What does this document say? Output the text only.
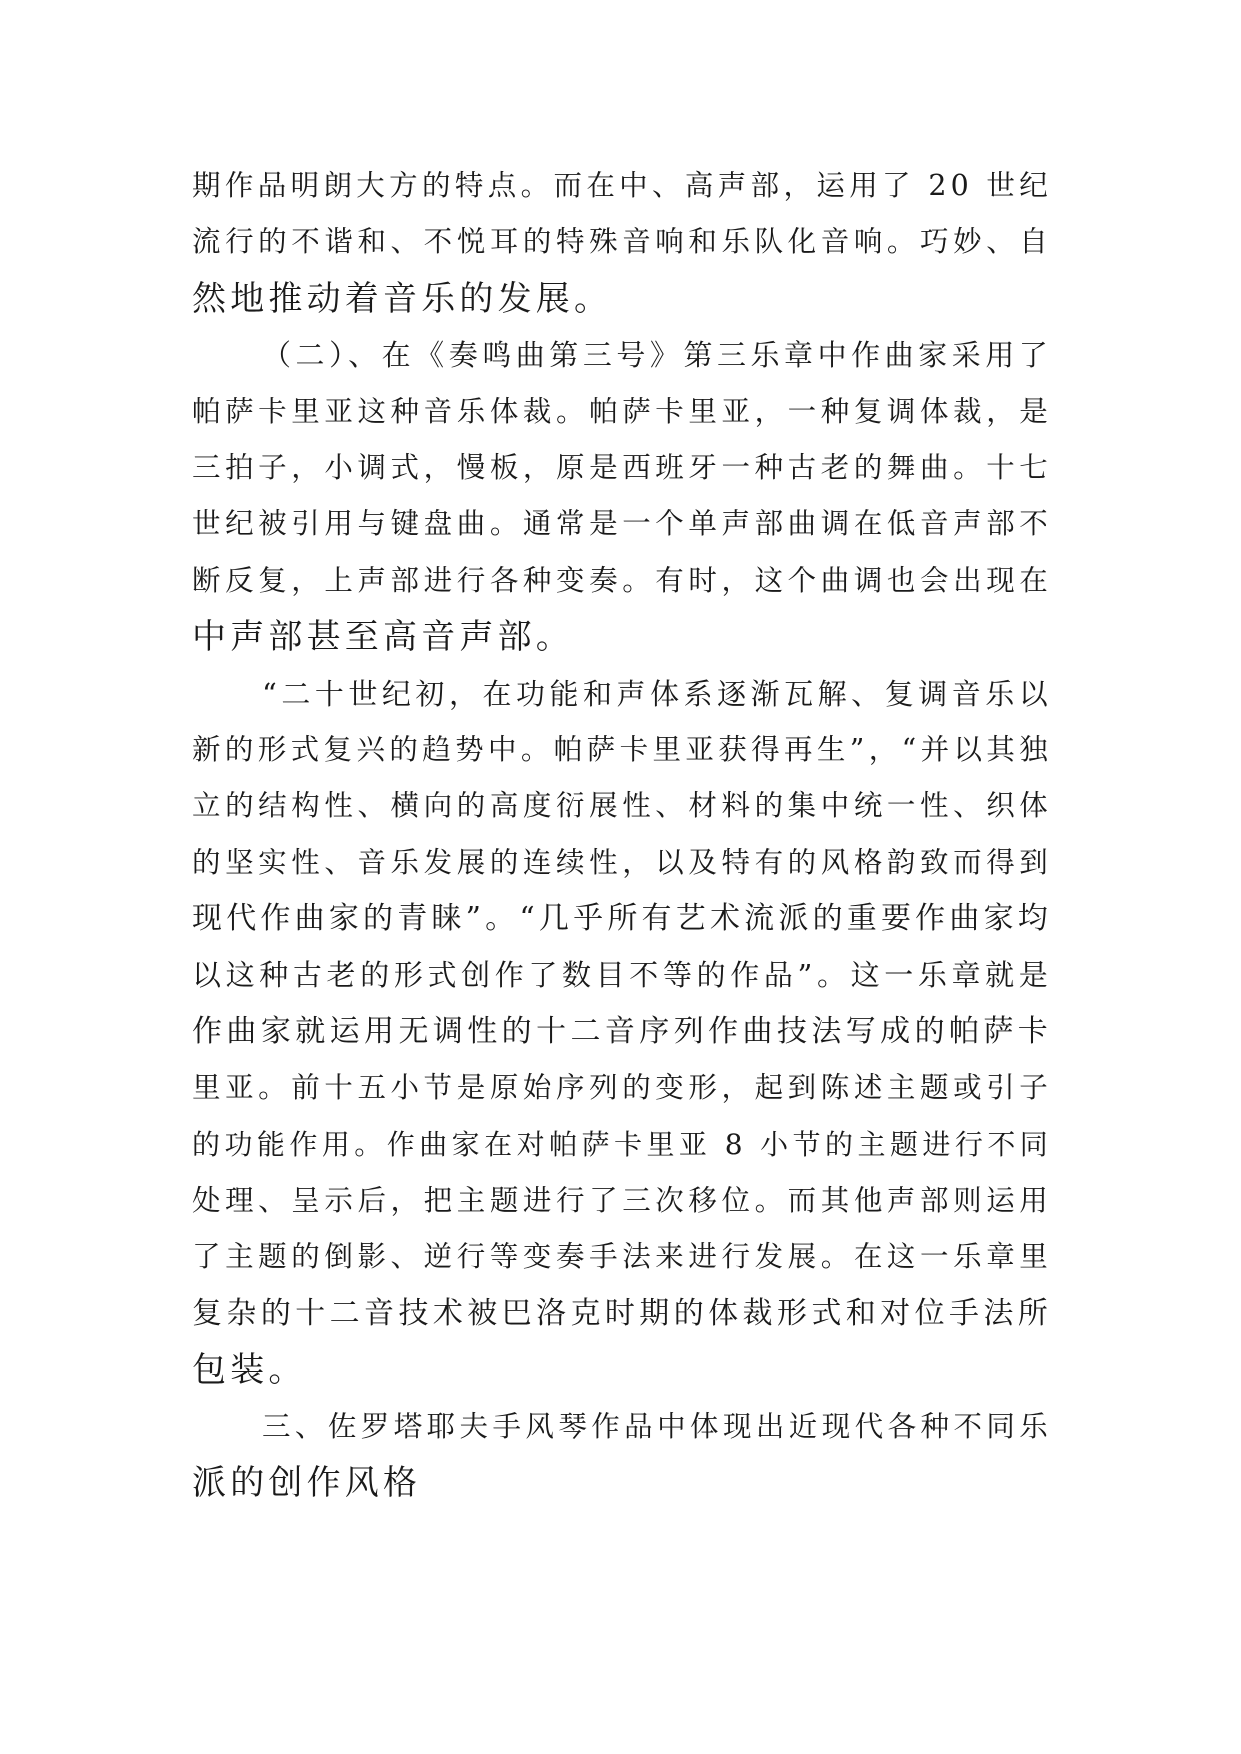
期作品明朗大方的特点。而在中、高声部，运用了 20 世纪
流行的不谐和、不悦耳的特殊音响和乐队化音响。巧妙、自
然地推动着音乐的发展。
（二）、在《奏鸣曲第三号》第三乐章中作曲家采用了
帕萨卡里亚这种音乐体裁。帕萨卡里亚，一种复调体裁，是
三拍子，小调式，慢板，原是西班牙一种古老的舞曲。十七
世纪被引用与键盘曲。通常是一个单声部曲调在低音声部不
断反复，上声部进行各种变奏。有时，这个曲调也会出现在
中声部甚至高音声部。
“二十世纪初，在功能和声体系逐渐瓦解、复调音乐以
新的形式复兴的趋势中。帕萨卡里亚获得再生”，“并以其独
立的结构性、横向的高度衍展性、材料的集中统一性、织体
的坚实性、音乐发展的连续性，以及特有的风格韵致而得到
现代作曲家的青睐”。“几乎所有艺术流派的重要作曲家均
以这种古老的形式创作了数目不等的作品”。这一乐章就是
作曲家就运用无调性的十二音序列作曲技法写成的帕萨卡
里亚。前十五小节是原始序列的变形，起到陈述主题或引子
的功能作用。作曲家在对帕萨卡里亚 8 小节的主题进行不同
处理、呈示后，把主题进行了三次移位。而其他声部则运用
了主题的倒影、逆行等变奏手法来进行发展。在这一乐章里
复杂的十二音技术被巴洛克时期的体裁形式和对位手法所
包装。
三、佐罗塔耶夫手风琴作品中体现出近现代各种不同乐
派的创作风格
